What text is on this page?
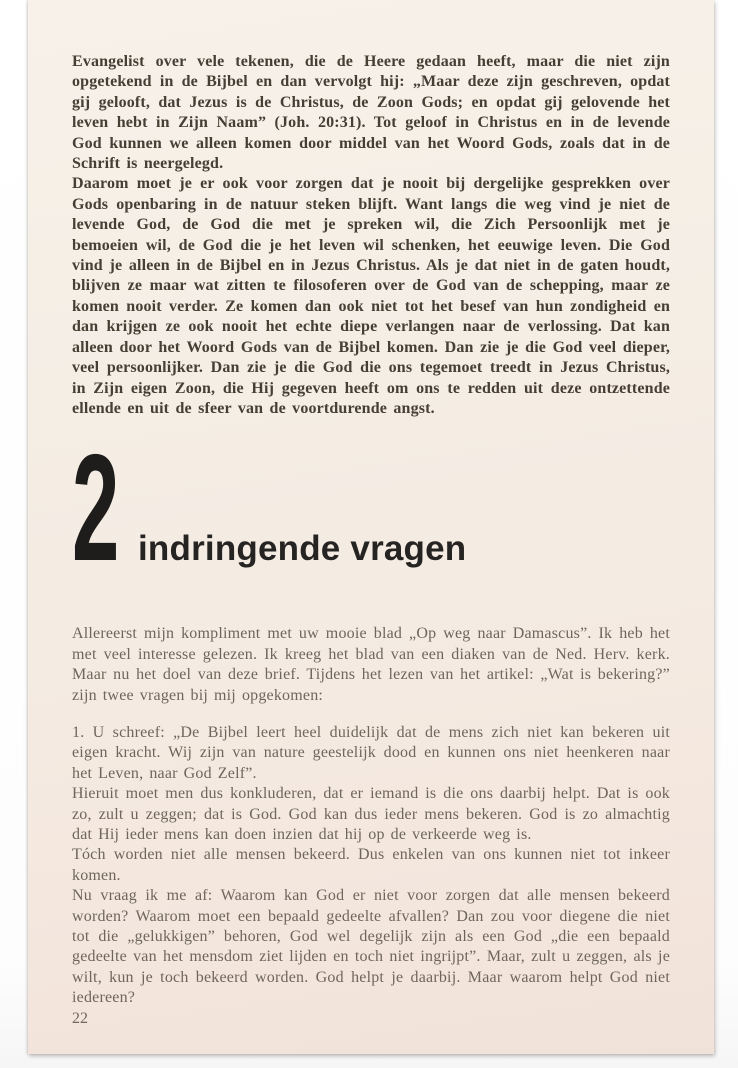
Evangelist over vele tekenen, die de Heere gedaan heeft, maar die niet zijn opgetekend in de Bijbel en dan vervolgt hij: „Maar deze zijn geschreven, opdat gij gelooft, dat Jezus is de Christus, de Zoon Gods; en opdat gij gelovende het leven hebt in Zijn Naam” (Joh. 20:31). Tot geloof in Christus en in de levende God kunnen we alleen komen door middel van het Woord Gods, zoals dat in de Schrift is neergelegd.

Daarom moet je er ook voor zorgen dat je nooit bij dergelijke gesprekken over Gods openbaring in de natuur steken blijft. Want langs die weg vind je niet de levende God, de God die met je spreken wil, die Zich Persoonlijk met je bemoeien wil, de God die je het leven wil schenken, het eeuwige leven. Die God vind je alleen in de Bijbel en in Jezus Christus. Als je dat niet in de gaten houdt, blijven ze maar wat zitten te filosoferen over de God van de schepping, maar ze komen nooit verder. Ze komen dan ook niet tot het besef van hun zondigheid en dan krijgen ze ook nooit het echte diepe verlangen naar de verlossing. Dat kan alleen door het Woord Gods van de Bijbel komen. Dan zie je die God veel dieper, veel persoonlijker. Dan zie je die God die ons tegemoet treedt in Jezus Christus, in Zijn eigen Zoon, die Hij gegeven heeft om ons te redden uit deze ontzettende ellende en uit de sfeer van de voortdurende angst.

2 indringende vragen

Allereerst mijn kompliment met uw mooie blad „Op weg naar Damascus”. Ik heb het met veel interesse gelezen. Ik kreeg het blad van een diaken van de Ned. Herv. kerk. Maar nu het doel van deze brief. Tijdens het lezen van het artikel: „Wat is bekering?” zijn twee vragen bij mij opgekomen:

1. U schreef: „De Bijbel leert heel duidelijk dat de mens zich niet kan bekeren uit eigen kracht. Wij zijn van nature geestelijk dood en kunnen ons niet heenkeren naar het Leven, naar God Zelf”.

Hieruit moet men dus konkluderen, dat er iemand is die ons daarbij helpt. Dat is ook zo, zult u zeggen; dat is God. God kan dus ieder mens bekeren. God is zo almachtig dat Hij ieder mens kan doen inzien dat hij op de verkeerde weg is.

Tóch worden niet alle mensen bekeerd. Dus enkelen van ons kunnen niet tot inkeer komen.

Nu vraag ik me af: Waarom kan God er niet voor zorgen dat alle mensen bekeerd worden? Waarom moet een bepaald gedeelte afvallen? Dan zou voor diegene die niet tot die „gelukkigen” behoren, God wel degelijk zijn als een God „die een bepaald gedeelte van het mensdom ziet lijden en toch niet ingrijpt”. Maar, zult u zeggen, als je wilt, kun je toch bekeerd worden. God helpt je daarbij. Maar waarom helpt God niet iedereen?

22
